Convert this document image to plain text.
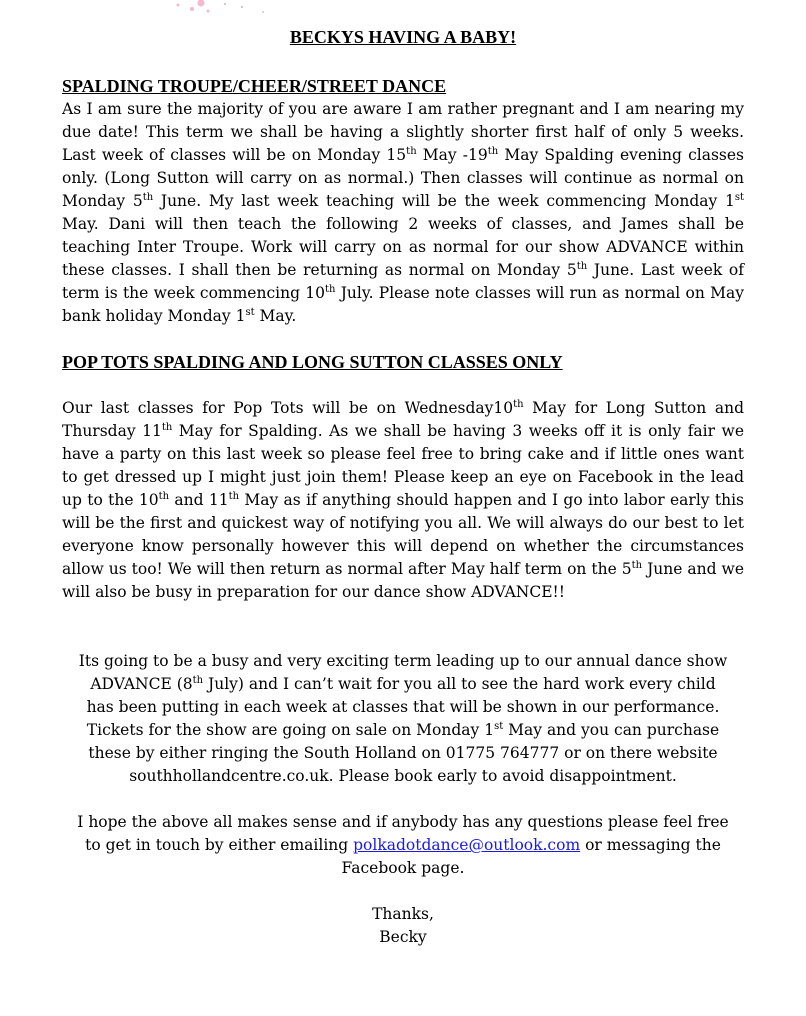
BECKYS HAVING A BABY!
SPALDING TROUPE/CHEER/STREET DANCE

As I am sure the majority of you are aware I am rather pregnant and I am nearing my due date! This term we shall be having a slightly shorter first half of only 5 weeks. Last week of classes will be on Monday 15th May -19th May Spalding evening classes only. (Long Sutton will carry on as normal.) Then classes will continue as normal on Monday 5th June. My last week teaching will be the week commencing Monday 1st May. Dani will then teach the following 2 weeks of classes, and James shall be teaching Inter Troupe. Work will carry on as normal for our show ADVANCE within these classes. I shall then be returning as normal on Monday 5th June. Last week of term is the week commencing 10th July. Please note classes will run as normal on May bank holiday Monday 1st May.

POP TOTS SPALDING AND LONG SUTTON CLASSES ONLY

Our last classes for Pop Tots will be on Wednesday10th May for Long Sutton and Thursday 11th May for Spalding. As we shall be having 3 weeks off it is only fair we have a party on this last week so please feel free to bring cake and if little ones want to get dressed up I might just join them! Please keep an eye on Facebook in the lead up to the 10th and 11th May as if anything should happen and I go into labor early this will be the first and quickest way of notifying you all. We will always do our best to let everyone know personally however this will depend on whether the circumstances allow us too! We will then return as normal after May half term on the 5th June and we will also be busy in preparation for our dance show ADVANCE!!

Its going to be a busy and very exciting term leading up to our annual dance show ADVANCE (8th July) and I can’t wait for you all to see the hard work every child has been putting in each week at classes that will be shown in our performance. Tickets for the show are going on sale on Monday 1st May and you can purchase these by either ringing the South Holland on 01775 764777 or on there website southhollandcentre.co.uk. Please book early to avoid disappointment.

I hope the above all makes sense and if anybody has any questions please feel free to get in touch by either emailing polkadotdance@outlook.com or messaging the Facebook page.

Thanks,

Becky
